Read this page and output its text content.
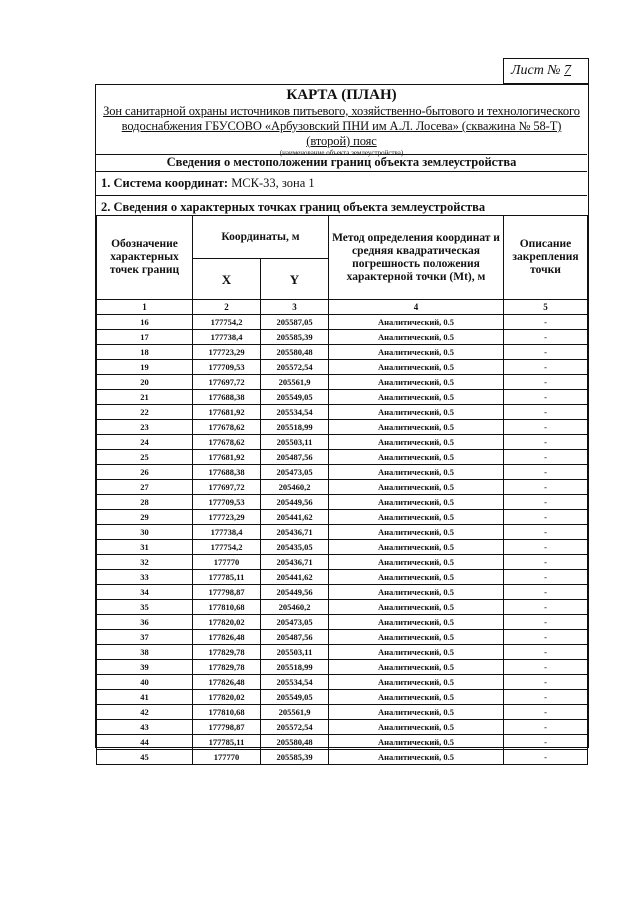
Лист № 7
КАРТА (ПЛАН)
Зон санитарной охраны источников питьевого, хозяйственно-бытового и технологического
водоснабжения ГБУСОВО «Арбузовский ПНИ им А.Л. Лосева» (скважина № 58-Т)
(второй) пояс
(наименование объекта землеустройства)
Сведения о местоположении границ объекта землеустройства
1. Система координат: МСК-33, зона 1
2. Сведения о характерных точках границ объекта землеустройства
Обозначение характерных точек границ	Координаты, м		Метод определения координат и средняя квадратическая погрешность положения характерной точки (Mt), м	Описание закрепления точки
	X	Y		
1	2	3	4	5
16	177754,2	205587,05	Аналитический, 0.5	-
17	177738,4	205585,39	Аналитический, 0.5	-
18	177723,29	205580,48	Аналитический, 0.5	-
19	177709,53	205572,54	Аналитический, 0.5	-
20	177697,72	205561,9	Аналитический, 0.5	-
21	177688,38	205549,05	Аналитический, 0.5	-
22	177681,92	205534,54	Аналитический, 0.5	-
23	177678,62	205518,99	Аналитический, 0.5	-
24	177678,62	205503,11	Аналитический, 0.5	-
25	177681,92	205487,56	Аналитический, 0.5	-
26	177688,38	205473,05	Аналитический, 0.5	-
27	177697,72	205460,2	Аналитический, 0.5	-
28	177709,53	205449,56	Аналитический, 0.5	-
29	177723,29	205441,62	Аналитический, 0.5	-
30	177738,4	205436,71	Аналитический, 0.5	-
31	177754,2	205435,05	Аналитический, 0.5	-
32	177770	205436,71	Аналитический, 0.5	-
33	177785,11	205441,62	Аналитический, 0.5	-
34	177798,87	205449,56	Аналитический, 0.5	-
35	177810,68	205460,2	Аналитический, 0.5	-
36	177820,02	205473,05	Аналитический, 0.5	-
37	177826,48	205487,56	Аналитический, 0.5	-
38	177829,78	205503,11	Аналитический, 0.5	-
39	177829,78	205518,99	Аналитический, 0.5	-
40	177826,48	205534,54	Аналитический, 0.5	-
41	177820,02	205549,05	Аналитический, 0.5	-
42	177810,68	205561,9	Аналитический, 0.5	-
43	177798,87	205572,54	Аналитический, 0.5	-
44	177785,11	205580,48	Аналитический, 0.5	-
45	177770	205585,39	Аналитический, 0.5	-
